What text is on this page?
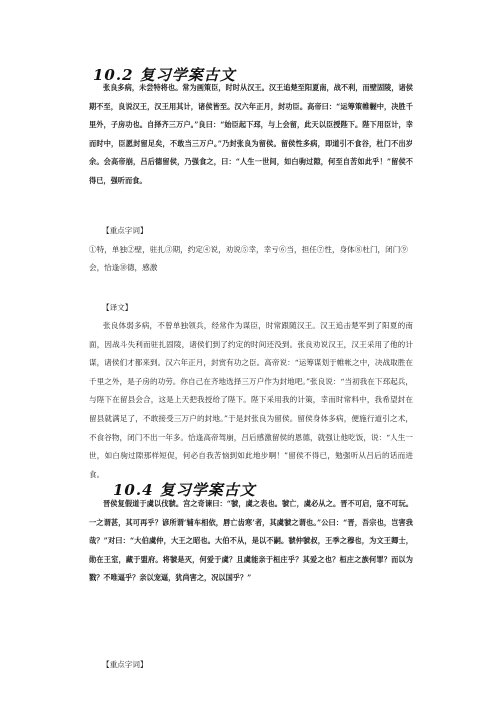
10.2 复习学案古文

张良多病，未尝特将也。常为画策臣，时时从汉王。汉王追楚至阳夏南，战不利，而壁固陵，诸侯期不至，良说汉王，汉王用其计，诸侯皆至。汉六年正月，封功臣。高帝曰：“运筹策帷幄中，决胜千里外，子房功也。自择齐三万户。”良曰：“始臣起下邳，与上会留，此天以臣授陛下。陛下用臣计，幸而时中，臣愿封留足矣，不敢当三万户。”乃封张良为留侯。留侯性多病，即道引不食谷，杜门不出岁余。会高帝崩，吕后德留侯，乃强食之，曰：“人生一世间，如白驹过隙，何至自苦如此乎！”留侯不得已，强听而食。

【重点字词】

①特，单独②壁，驻扎③期，约定④说，劝说⑤幸，幸亏⑥当，担任⑦性，身体⑧杜门，闭门⑨会，恰逢⑩德，感激

【译文】

张良体弱多病，不曾单独领兵，经常作为谋臣，时常跟随汉王。汉王追击楚军到了阳夏的南面，因战斗失利而驻扎固陵，诸侯们到了约定的时间还没到。张良劝说汉王，汉王采用了他的计谋，诸侯们才都来到。汉六年正月，封赏有功之臣。高帝说：“运筹谋划于帷帐之中，决战取胜在千里之外，是子房的功劳。你自己在齐地选择三万户作为封地吧。”张良说：“当初我在下邳起兵，与陛下在留县会合，这是上天把我授给了陛下。陛下采用我的计策，幸而时常料中，我希望封在留县就满足了，不敢接受三万户的封地。”于是封张良为留侯。留侯身体多病，便施行道引之术，不食谷物，闭门不出一年多。恰逢高帝驾崩，吕后感激留侯的恩德，就强让他吃饭，说：“人生一世，如白驹过隙那样短促，何必自我苦恼到如此地步啊！”留侯不得已，勉强听从吕后的话而进食。

10.4 复习学案古文

晋侯复假道于虞以伐虢。宫之奇谏曰：“虢，虞之表也。虢亡，虞必从之。晋不可启，寇不可玩。一之谓甚，其可再乎？谚所谓‘辅车相依，唇亡齿寒’者，其虞虢之谓也。”公曰：“晋，吾宗也，岂害我哉？”对曰：“大伯虞仲，大王之昭也。大伯不从，是以不嗣。虢仲虢叔，王季之穆也，为文王卿士，勋在王室，藏于盟府。将虢是灭，何爱于虞？且虞能亲于桓庄乎？其爱之也？桓庄之族何罪？而以为戮？不唯逼乎？亲以宠逼，犹尚害之，况以国乎？”

【重点字词】
